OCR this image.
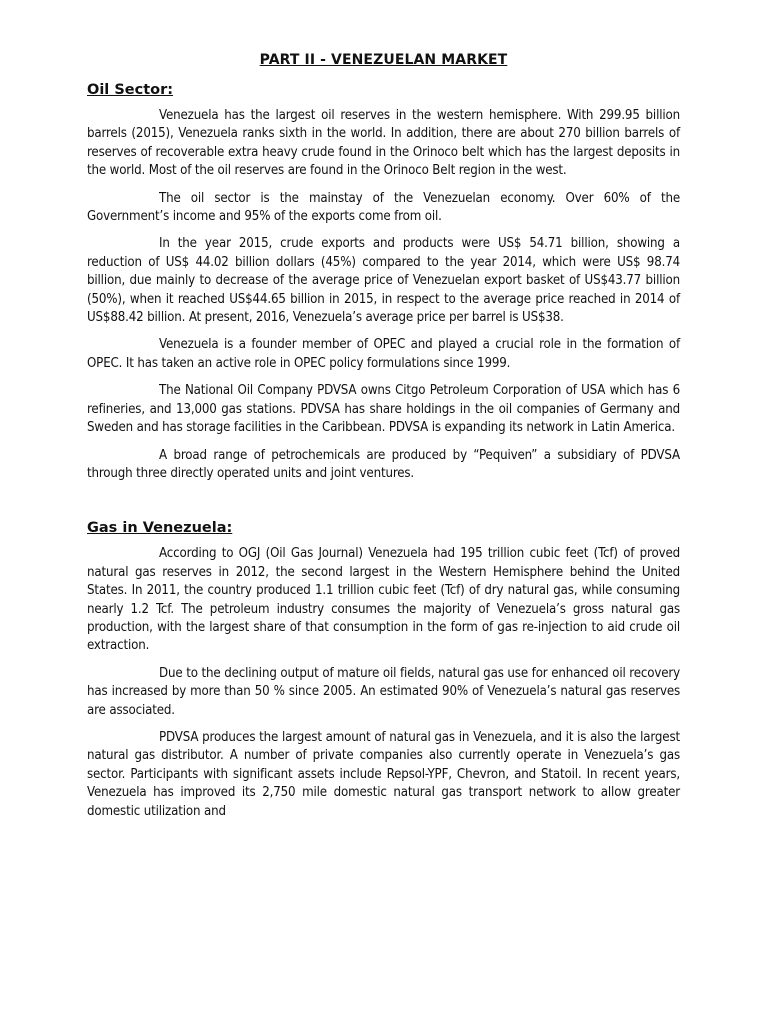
PART II - VENEZUELAN MARKET
Oil Sector:

Venezuela has the largest oil reserves in the western hemisphere. With 299.95 billion barrels (2015), Venezuela ranks sixth in the world. In addition, there are about 270 billion barrels of reserves of recoverable extra heavy crude found in the Orinoco belt which has the largest deposits in the world. Most of the oil reserves are found in the Orinoco Belt region in the west.

The oil sector is the mainstay of the Venezuelan economy. Over 60% of the Government’s income and 95% of the exports come from oil.

In the year 2015, crude exports and products were US$ 54.71 billion, showing a reduction of US$ 44.02 billion dollars (45%) compared to the year 2014, which were US$ 98.74 billion, due mainly to decrease of the average price of Venezuelan export basket of US$43.77 billion (50%), when it reached US$44.65 billion in 2015, in respect to the average price reached in 2014 of US$88.42 billion. At present, 2016, Venezuela’s average price per barrel is US$38.

Venezuela is a founder member of OPEC and played a crucial role in the formation of OPEC. It has taken an active role in OPEC policy formulations since 1999.

The National Oil Company PDVSA owns Citgo Petroleum Corporation of USA which has 6 refineries, and 13,000 gas stations. PDVSA has share holdings in the oil companies of Germany and Sweden and has storage facilities in the Caribbean. PDVSA is expanding its network in Latin America.

A broad range of petrochemicals are produced by “Pequiven” a subsidiary of PDVSA through three directly operated units and joint ventures.

Gas in Venezuela:

According to OGJ (Oil Gas Journal) Venezuela had 195 trillion cubic feet (Tcf) of proved natural gas reserves in 2012, the second largest in the Western Hemisphere behind the United States. In 2011, the country produced 1.1 trillion cubic feet (Tcf) of dry natural gas, while consuming nearly 1.2 Tcf. The petroleum industry consumes the majority of Venezuela’s gross natural gas production, with the largest share of that consumption in the form of gas re-injection to aid crude oil extraction.

Due to the declining output of mature oil fields, natural gas use for enhanced oil recovery has increased by more than 50 % since 2005. An estimated 90% of Venezuela’s natural gas reserves are associated.

PDVSA produces the largest amount of natural gas in Venezuela, and it is also the largest natural gas distributor. A number of private companies also currently operate in Venezuela’s gas sector. Participants with significant assets include Repsol-YPF, Chevron, and Statoil. In recent years, Venezuela has improved its 2,750 mile domestic natural gas transport network to allow greater domestic utilization and
